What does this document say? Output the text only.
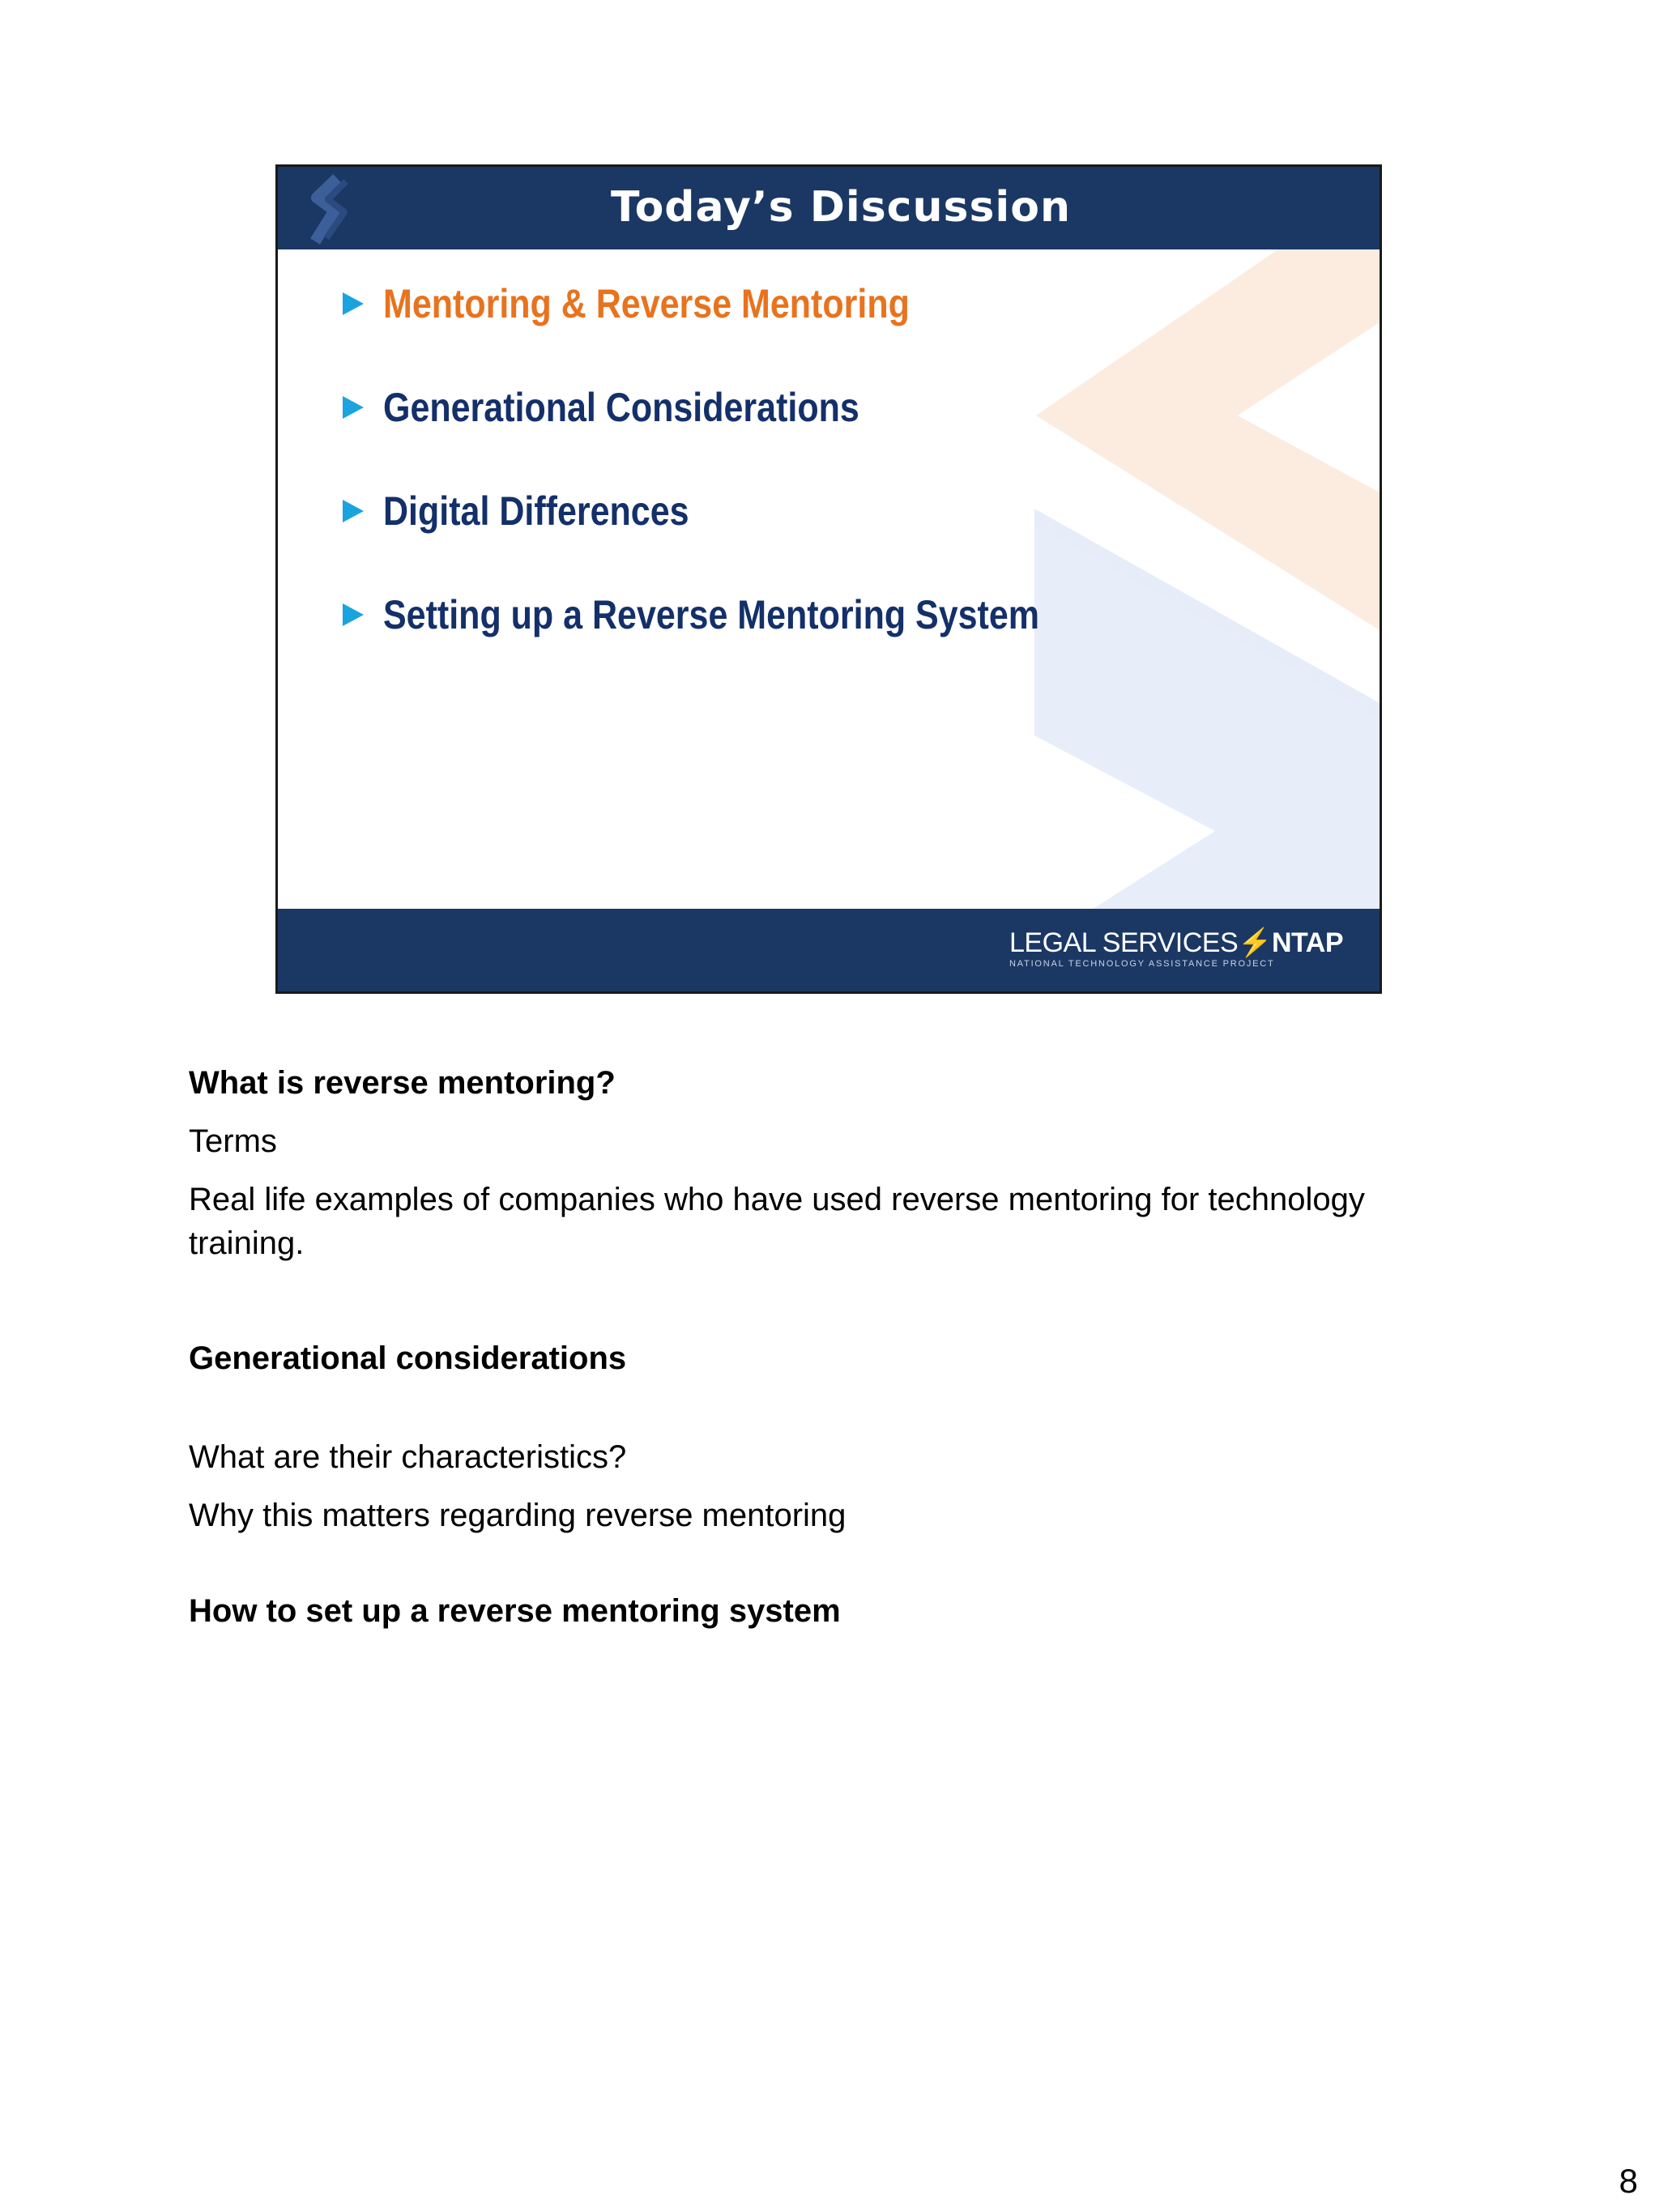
Today’s Discussion
Mentoring & Reverse Mentoring
Generational Considerations
Digital Differences
Setting up a Reverse Mentoring System
LEGAL SERVICES⚡NTAP
NATIONAL TECHNOLOGY ASSISTANCE PROJECT

What is reverse mentoring?

Terms

Real life examples of companies who have used reverse mentoring for technology training.

Generational considerations

What are their characteristics?

Why this matters regarding reverse mentoring

How to set up a reverse mentoring system

8
